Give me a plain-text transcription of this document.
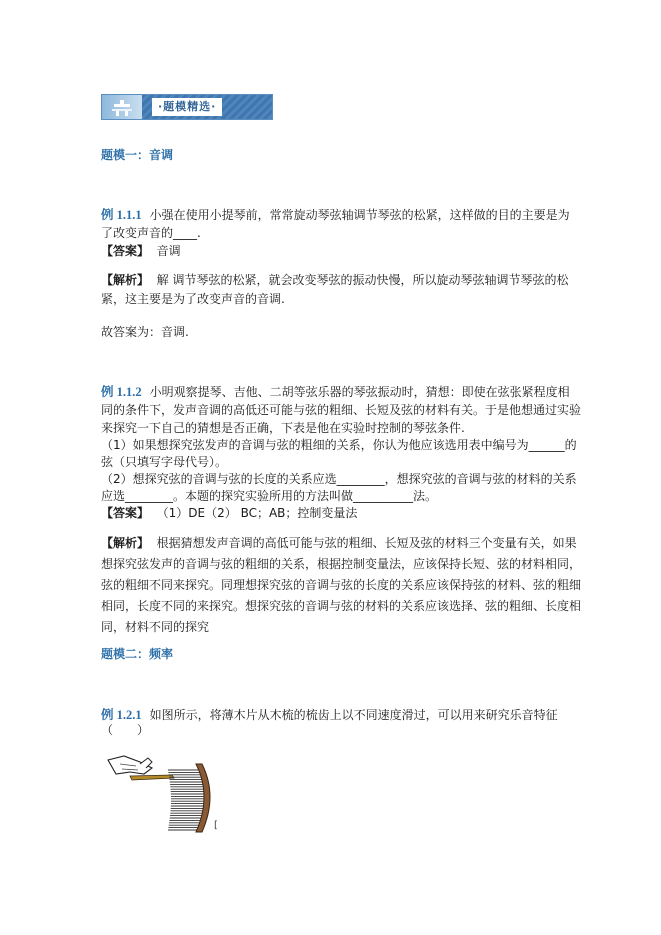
·题模精选·
题模一：音调
例 1.1.1 小强在使用小提琴前，常常旋动琴弦轴调节琴弦的松紧，这样做的目的主要是为
了改变声音的____.
【答案】 音调
【解析】 解 调节琴弦的松紧，就会改变琴弦的振动快慢，所以旋动琴弦轴调节琴弦的松
紧，这主要是为了改变声音的音调.
故答案为：音调.
例 1.1.2 小明观察提琴、吉他、二胡等弦乐器的琴弦振动时，猜想：即使在弦张紧程度相
同的条件下，发声音调的高低还可能与弦的粗细、长短及弦的材料有关。于是他想通过实验
来探究一下自己的猜想是否正确，下表是他在实验时控制的琴弦条件.
（1）如果想探究弦发声的音调与弦的粗细的关系，你认为他应该选用表中编号为______的
弦（只填写字母代号）。
（2）想探究弦的音调与弦的长度的关系应选________，想探究弦的音调与弦的材料的关系
应选________。本题的探究实验所用的方法叫做__________法。
【答案】 （1）DE（2） BC；AB；控制变量法
【解析】 根据猜想发声音调的高低可能与弦的粗细、长短及弦的材料三个变量有关，如果
想探究弦发声的音调与弦的粗细的关系，根据控制变量法，应该保持长短、弦的材料相同，
弦的粗细不同来探究。同理想探究弦的音调与弦的长度的关系应该保持弦的材料、弦的粗细
相同，长度不同的来探究。想探究弦的音调与弦的材料的关系应该选择、弦的粗细、长度相
同，材料不同的探究
题模二：频率
例 1.2.1 如图所示，将薄木片从木梳的梳齿上以不同速度滑过，可以用来研究乐音特征
（　　）
[
